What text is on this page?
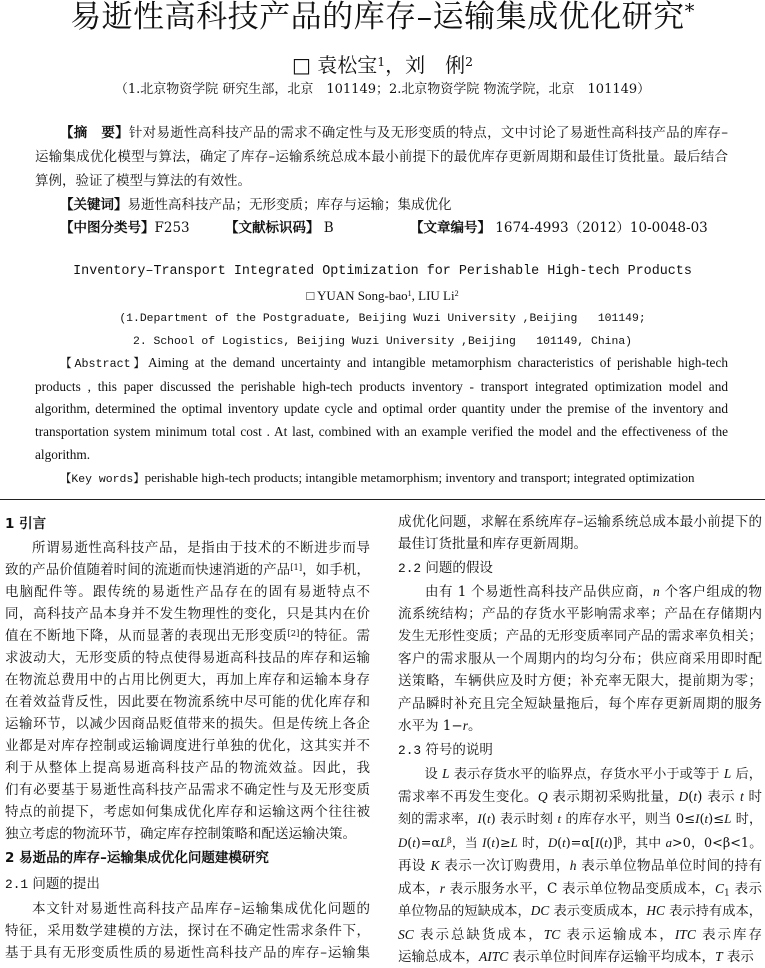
易逝性高科技产品的库存–运输集成优化研究*
□ 袁松宝$^1$，刘　俐$^2$
（1.北京物资学院 研究生部，北京　101149；2.北京物资学院 物流学院，北京　101149）
【摘　要】针对易逝性高科技产品的需求不确定性与及无形变质的特点，文中讨论了易逝性高科技产品的库存–
运输集成优化模型与算法，确定了库存–运输系统总成本最小前提下的最优库存更新周期和最佳订货批量。最后结合
算例，验证了模型与算法的有效性。
【关键词】易逝性高科技产品；无形变质；库存与运输；集成优化
【中图分类号】F253	【文献标识码】 B	【文章编号】 1674-4993（2012）10-0048-03
Inventory–Transport Integrated Optimization for Perishable High-tech Products
□ YUAN Song-bao$^1$, LIU Li$^2$
(1.Department of the Postgraduate, Beijing Wuzi University ,Beijing   101149;
2. School of Logistics, Beijing Wuzi University ,Beijing   101149, China)
【Abstract】Aiming at the demand uncertainty and intangible metamorphism characteristics of perishable high-tech
products , this paper discussed the perishable high-tech products inventory - transport integrated optimization model and
algorithm, determined the optimal inventory update cycle and optimal order quantity under the premise of the inventory and
transportation system minimum total cost . At last, combined with an example verified the model and the effectiveness of the
algorithm.
【Key words】perishable high-tech products; intangible metamorphism; inventory and transport; integrated optimization
1 引言
所谓易逝性高科技产品，是指由于技术的不断进步而导
致的产品价值随着时间的流逝而快速消逝的产品[1]，如手机，
电脑配件等。跟传统的易逝性产品存在的固有易逝特点不
同，高科技产品本身并不发生物理性的变化，只是其内在价
值在不断地下降，从而显著的表现出无形变质[2]的特征。需
求波动大，无形变质的特点使得易逝高科技品的库存和运输
在物流总费用中的占用比例更大，再加上库存和运输本身存
在着效益背反性，因此要在物流系统中尽可能的优化库存和
运输环节，以减少因商品贬值带来的损失。但是传统上各企
业都是对库存控制或运输调度进行单独的优化，这其实并不
利于从整体上提高易逝高科技产品的物流效益。因此，我
们有必要基于易逝性高科技产品需求不确定性与及无形变质
特点的前提下，考虑如何集成优化库存和运输这两个往往被
独立考虑的物流环节，确定库存控制策略和配送运输决策。
2 易逝品的库存–运输集成优化问题建模研究
2.1 问题的提出
本文针对易逝性高科技产品库存–运输集成优化问题的
特征，采用数学建模的方法，探讨在不确定性需求条件下，
基于具有无形变质性质的易逝性高科技产品的库存–运输集
成优化问题，求解在系统库存–运输系统总成本最小前提下的
最佳订货批量和库存更新周期。
2.2 问题的假设
由有 1 个易逝性高科技产品供应商，n 个客户组成的物
流系统结构；产品的存货水平影响需求率；产品在存储期内
发生无形性变质；产品的无形变质率同产品的需求率负相关；
客户的需求服从一个周期内的均匀分布；供应商采用即时配
送策略，车辆供应及时方便；补充率无限大，提前期为零；
产品瞬时补充且完全短缺量拖后，每个库存更新周期的服务
水平为 1−r。
2.3 符号的说明
设 L 表示存货水平的临界点，存货水平小于或等于 L 后，
需求率不再发生变化。Q 表示期初采购批量，D(t) 表示 t 时
刻的需求率，I(t) 表示时刻 t 的库存水平，则当 0≤I(t)≤L 时，
$D(t)=\alpha L^\beta$，当 I(t)≥L 时，$D(t)=\alpha[I(t)]^\beta$，其中 a>0，0<β<1。
再设 K 表示一次订购费用，h 表示单位物品单位时间的持有
成本，r 表示服务水平，C 表示单位物品变质成本，$C_1$ 表示
单位物品的短缺成本，DC 表示变质成本，HC 表示持有成本，
SC 表示总缺货成本，TC 表示运输成本，ITC 表示库存
运输总成本，AITC 表示单位时间库存运输平均成本，T 表示
